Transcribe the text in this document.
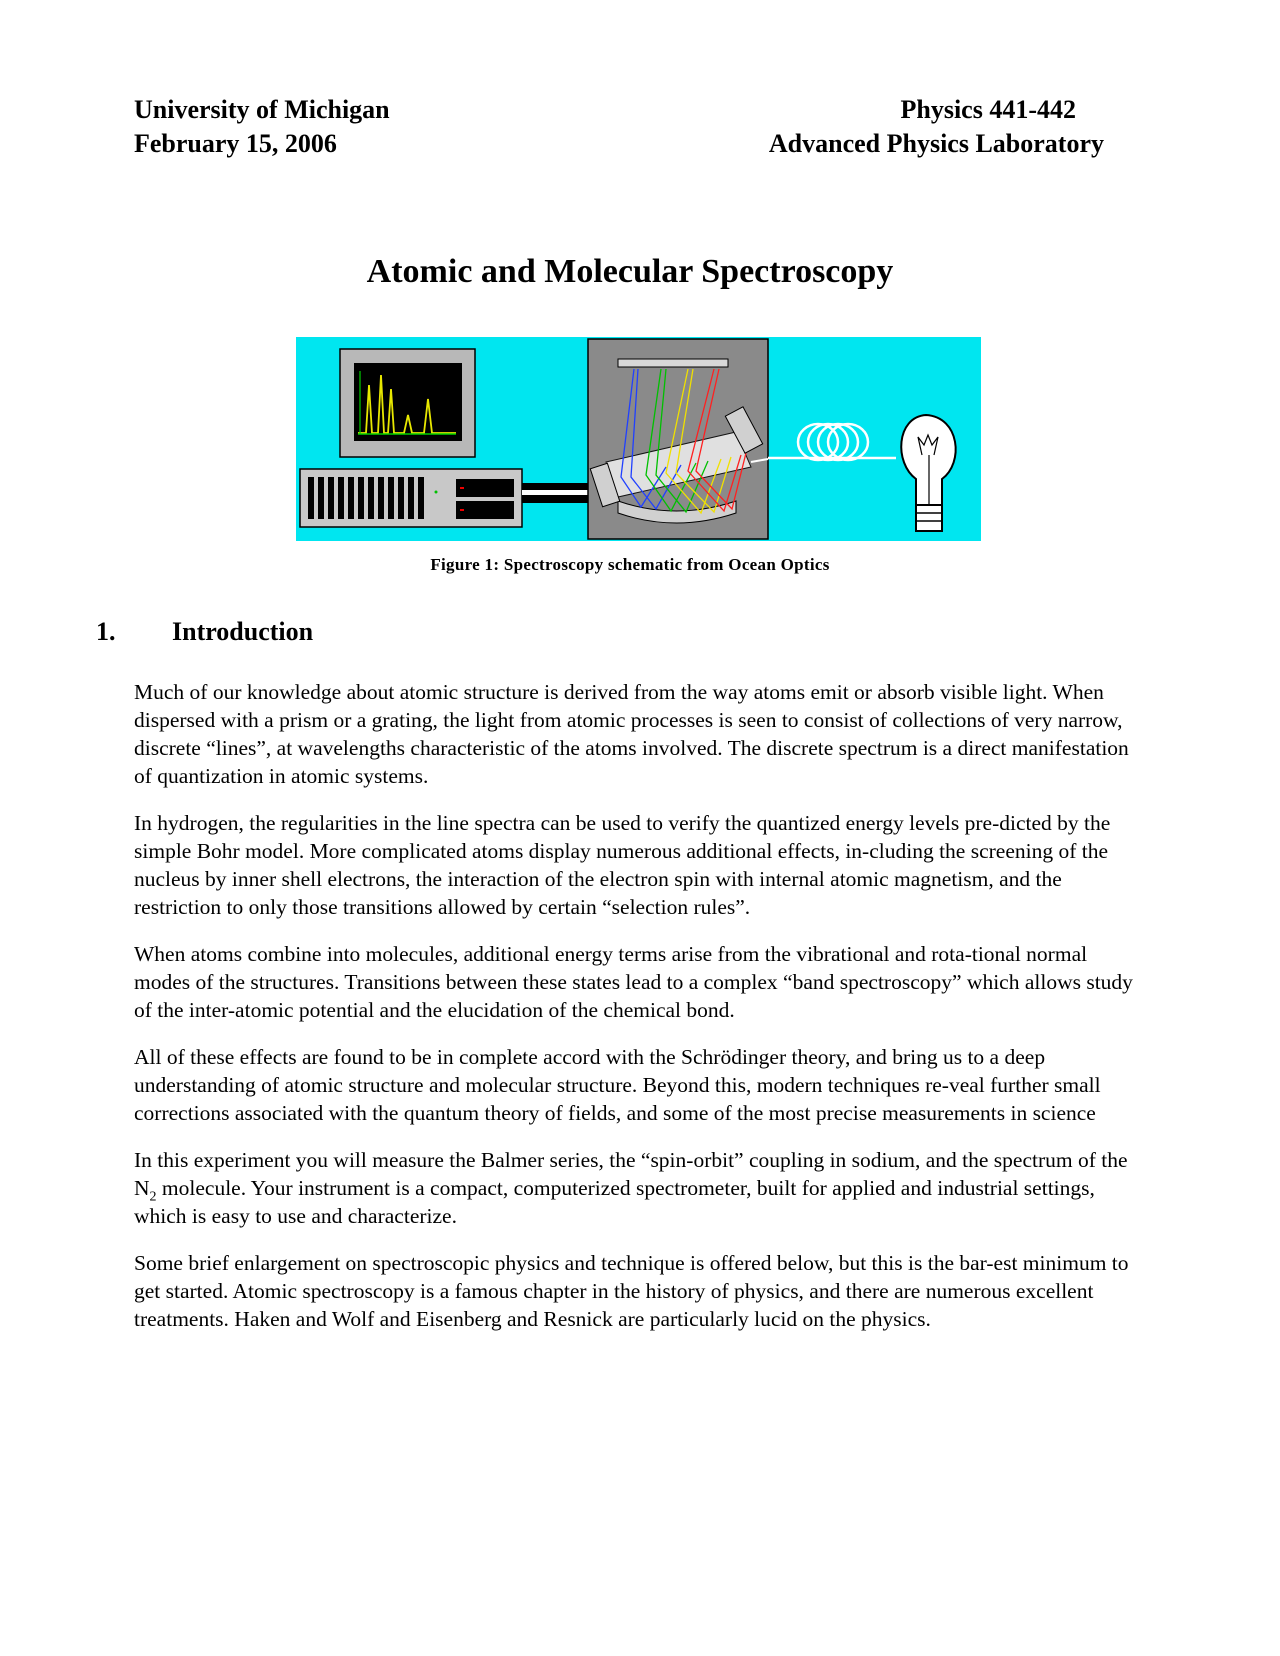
University of Michigan
February 15, 2006
Physics 441-442
Advanced Physics Laboratory
Atomic and Molecular Spectroscopy
Figure 1: Spectroscopy schematic from Ocean Optics
1. Introduction

Much of our knowledge about atomic structure is derived from the way atoms emit or absorb visible light. When dispersed with a prism or a grating, the light from atomic processes is seen to consist of collections of very narrow, discrete “lines”, at wavelengths characteristic of the atoms involved. The discrete spectrum is a direct manifestation of quantization in atomic systems.

In hydrogen, the regularities in the line spectra can be used to verify the quantized energy levels pre-dicted by the simple Bohr model. More complicated atoms display numerous additional effects, in-cluding the screening of the nucleus by inner shell electrons, the interaction of the electron spin with internal atomic magnetism, and the restriction to only those transitions allowed by certain “selection rules”.

When atoms combine into molecules, additional energy terms arise from the vibrational and rota-tional normal modes of the structures. Transitions between these states lead to a complex “band spectroscopy” which allows study of the inter-atomic potential and the elucidation of the chemical bond.

All of these effects are found to be in complete accord with the Schrödinger theory, and bring us to a deep understanding of atomic structure and molecular structure. Beyond this, modern techniques re-veal further small corrections associated with the quantum theory of fields, and some of the most precise measurements in science

In this experiment you will measure the Balmer series, the “spin-orbit” coupling in sodium, and the spectrum of the $N_2$ molecule. Your instrument is a compact, computerized spectrometer, built for applied and industrial settings, which is easy to use and characterize.

Some brief enlargement on spectroscopic physics and technique is offered below, but this is the bar-est minimum to get started. Atomic spectroscopy is a famous chapter in the history of physics, and there are numerous excellent treatments. Haken and Wolf and Eisenberg and Resnick are particularly lucid on the physics.
